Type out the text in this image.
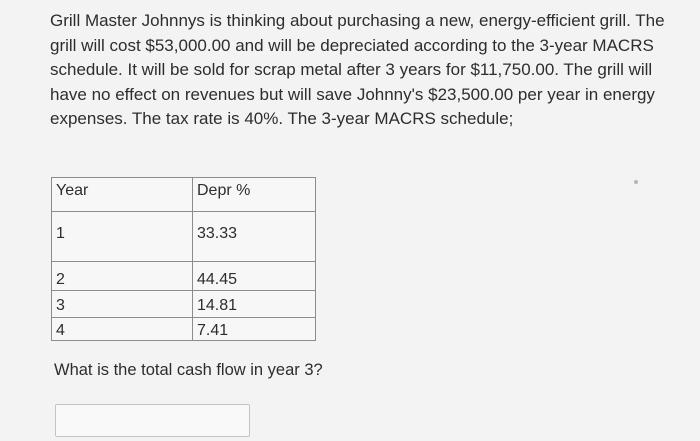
Grill Master Johnnys is thinking about purchasing a new, energy-efficient grill. The
grill will cost $53,000.00 and will be depreciated according to the 3-year MACRS
schedule. It will be sold for scrap metal after 3 years for $11,750.00. The grill will
have no effect on revenues but will save Johnny's $23,500.00 per year in energy
expenses. The tax rate is 40%. The 3-year MACRS schedule;
Year	Depr %
1	33.33
2	44.45
3	14.81
4	7.41

What is the total cash flow in year 3?
